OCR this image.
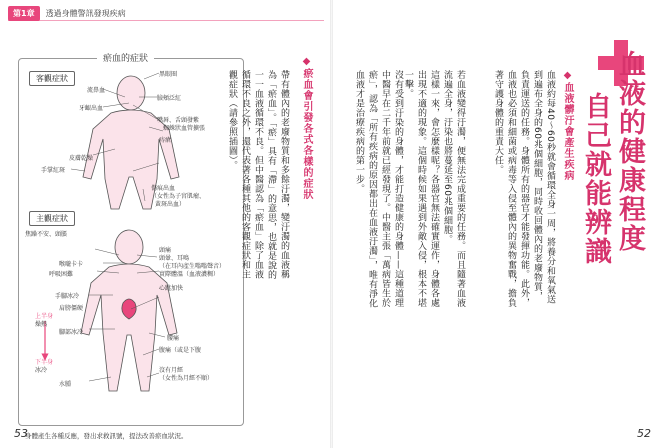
第1章	透過身體警訊發現疾病
瘀血的症狀
客觀症狀
主觀症狀
黑眼圈
流鼻血
牙齦出血
臉頰泛紅
嘴唇、舌頭發紫
手掌紅斑
皮膚乾燥
蜘蛛狀血管擴張
痔瘡
傷痕出血
（女性為子宮肌瘤、
黃斑出血）
焦躁不安、頭脹
頭痛
頭暈、耳鳴
喉嚨卡卡	（在耳內產生嗡嗡聲音）
呼吸困難	實際體溫（血液濃稠）
手腳冰冷
心跳加快
肩膀僵硬
上半身
燥熱
腰痛
下半身
冰冷
腳部冰冷
腹痛（或是下腹
沒有月經
（女性為月經不順）
水腫
身體產生各種反應，發出求救訊號，提法改善瘀血狀況。
◆瘀血會引發各式各樣的症狀
帶有體內的老廢物質和多餘汙濁，變汙濁的血液稱為「瘀血」。「瘀」具有「滯」的意思，也就是說的一一血液循環不良。但中醫認為「瘀血」除了血液循環不良之外，還代表著各種其他的客觀症狀和主觀症狀（請參照插圖）。
53
自己就能辨識 血液的健康程度
◆血液髒汙會產生疾病
血液約每40～60秒就會循環全身一周，將養分和氧氣送到遍布全身的60兆個細胞，同時收回體內的老廢物質，負責運送的任務。身體所有的器官才能發揮功能。此外，血液也必須和細菌或病毒等入侵至體內的異物奮戰，擔負著守護身體的重責大任。
若血液變得汙濁，便無法完成重要的任務。而且隨著血液流遍全身，汙染也將蔓延至60兆個細胞。
這樣一來，會怎麼樣呢？各器官無法確實運作，身體各處出現不適的現象。這個時候如果遇到外敵入侵，根本不堪一擊。
沒有受到汙染的身體，才能打造健康的身體——這種道理中醫早在二千年前就已經發現了。中醫主張「萬病皆生於瘀」，認為「所有疾病的原因都出在血液汙濁」，唯有淨化血液才是治療疾病的第一步。
52
